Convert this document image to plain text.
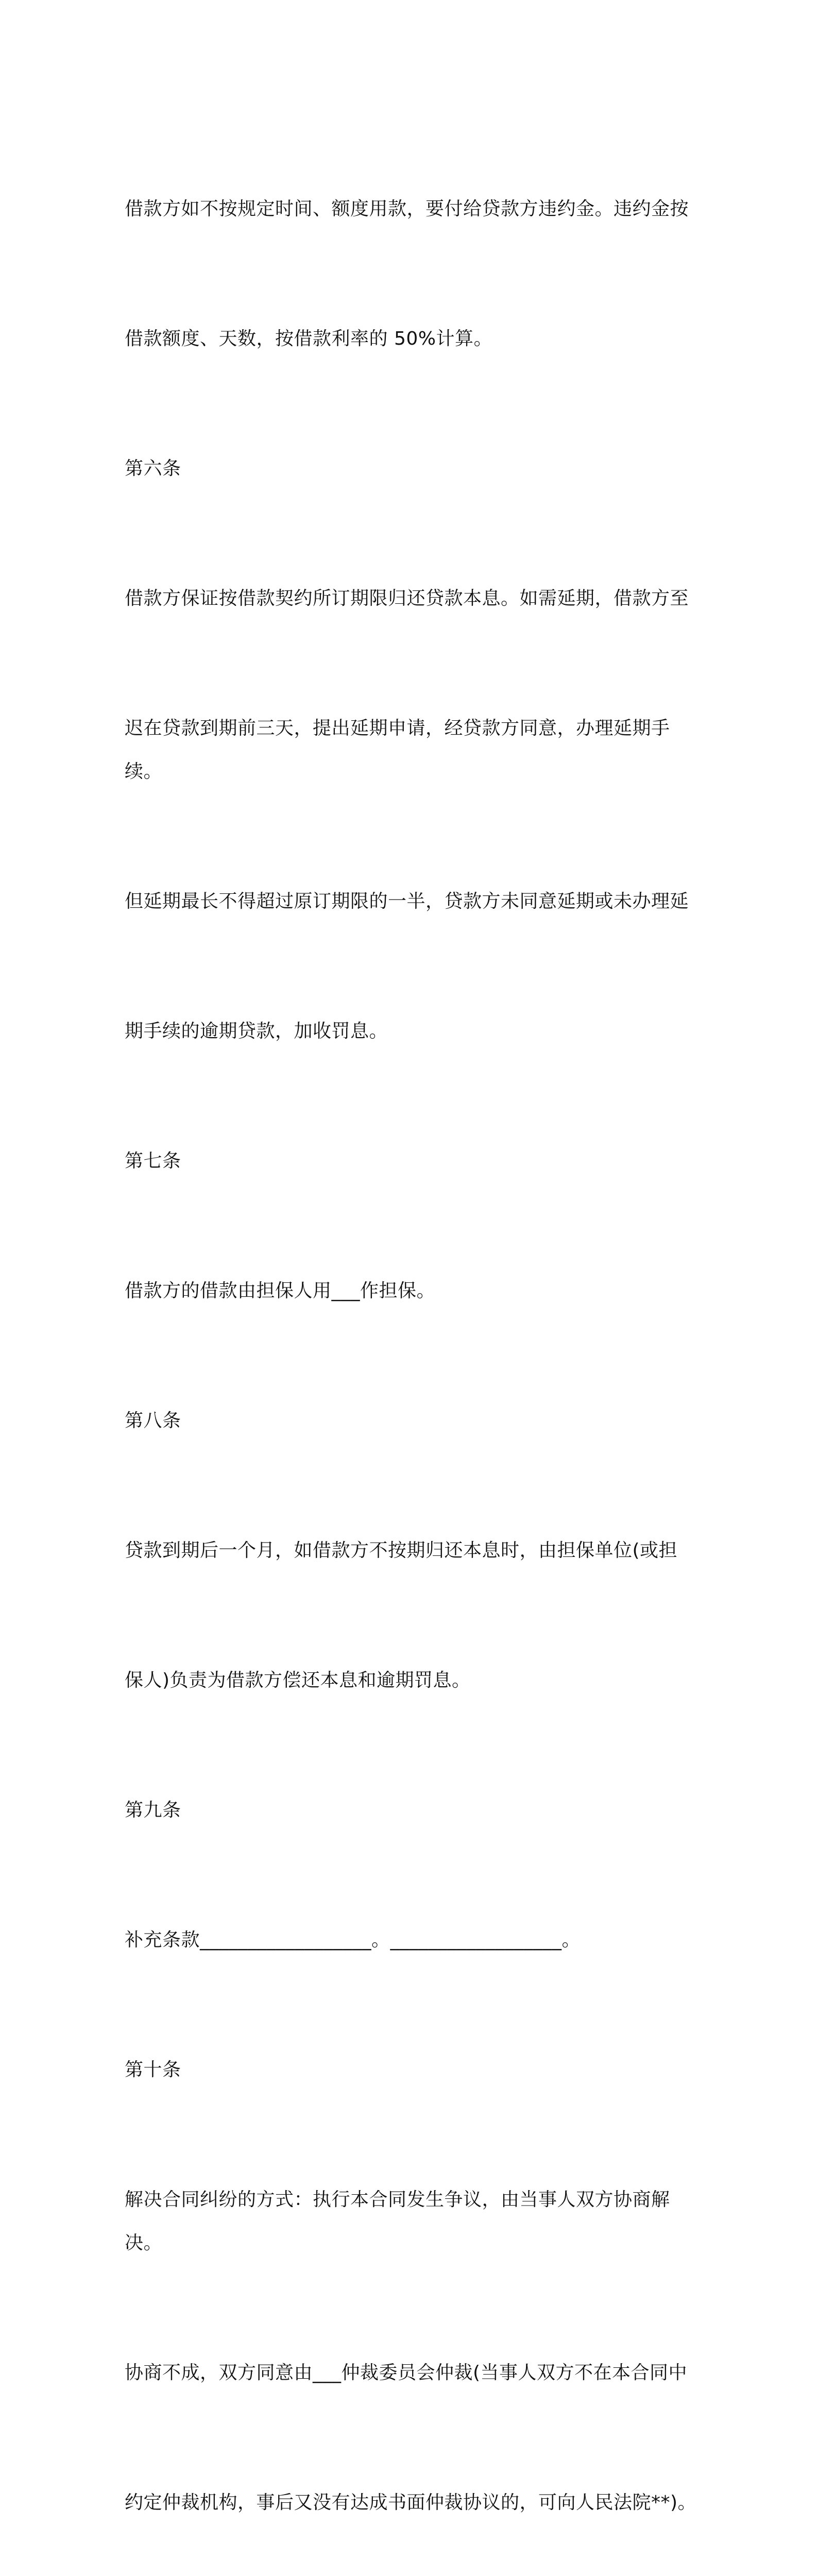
借款方如不按规定时间、额度用款，要付给贷款方违约金。违约金按

借款额度、天数，按借款利率的 50%计算。

第六条

借款方保证按借款契约所订期限归还贷款本息。如需延期，借款方至

迟在贷款到期前三天，提出延期申请，经贷款方同意，办理延期手续。

但延期最长不得超过原订期限的一半，贷款方未同意延期或未办理延

期手续的逾期贷款，加收罚息。

第七条

借款方的借款由担保人用___作担保。

第八条

贷款到期后一个月，如借款方不按期归还本息时，由担保单位(或担

保人)负责为借款方偿还本息和逾期罚息。

第九条

补充条款__________________。__________________。

第十条

解决合同纠纷的方式：执行本合同发生争议，由当事人双方协商解决。

协商不成，双方同意由___仲裁委员会仲裁(当事人双方不在本合同中

约定仲裁机构，事后又没有达成书面仲裁协议的，可向人民法院**)。
